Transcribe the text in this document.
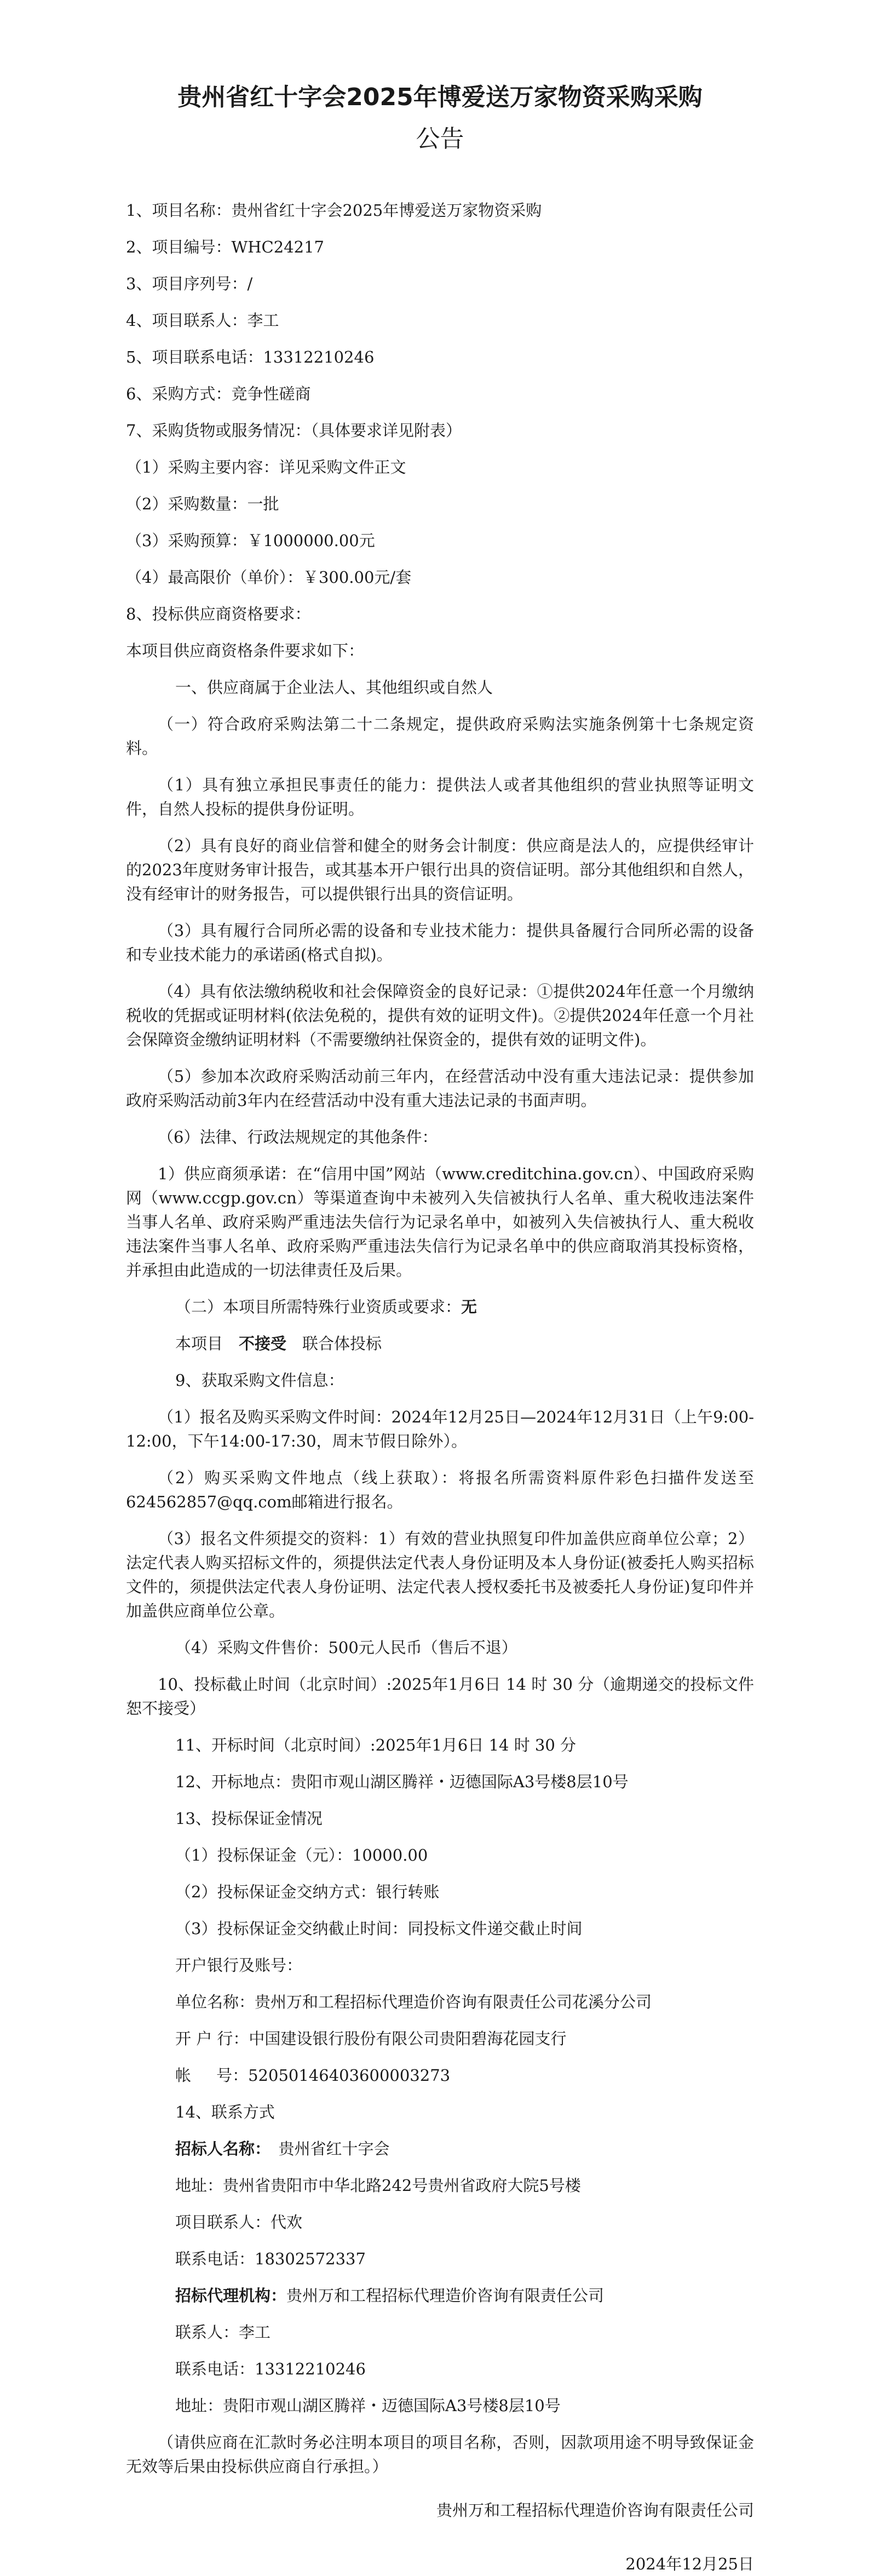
贵州省红十字会2025年博爱送万家物资采购采购
公告
1、项目名称：贵州省红十字会2025年博爱送万家物资采购
2、项目编号：WHC24217
3、项目序列号：/
4、项目联系人：李工
5、项目联系电话：13312210246
6、采购方式：竞争性磋商
7、采购货物或服务情况：（具体要求详见附表）
（1）采购主要内容：详见采购文件正文
（2）采购数量：一批
（3）采购预算：￥1000000.00元
（4）最高限价（单价）：￥300.00元/套
8、投标供应商资格要求：
本项目供应商资格条件要求如下：
一、供应商属于企业法人、其他组织或自然人
（一）符合政府采购法第二十二条规定，提供政府采购法实施条例第十七条规定资料。
（1）具有独立承担民事责任的能力：提供法人或者其他组织的营业执照等证明文件，自然人投标的提供身份证明。
（2）具有良好的商业信誉和健全的财务会计制度：供应商是法人的，应提供经审计的2023年度财务审计报告，或其基本开户银行出具的资信证明。部分其他组织和自然人，没有经审计的财务报告，可以提供银行出具的资信证明。
（3）具有履行合同所必需的设备和专业技术能力：提供具备履行合同所必需的设备和专业技术能力的承诺函(格式自拟)。
（4）具有依法缴纳税收和社会保障资金的良好记录：①提供2024年任意一个月缴纳税收的凭据或证明材料(依法免税的，提供有效的证明文件)。②提供2024年任意一个月社会保障资金缴纳证明材料（不需要缴纳社保资金的，提供有效的证明文件)。
（5）参加本次政府采购活动前三年内，在经营活动中没有重大违法记录：提供参加政府采购活动前3年内在经营活动中没有重大违法记录的书面声明。
（6）法律、行政法规规定的其他条件：
1）供应商须承诺：在“信用中国”网站（www.creditchina.gov.cn）、中国政府采购网（www.ccgp.gov.cn）等渠道查询中未被列入失信被执行人名单、重大税收违法案件当事人名单、政府采购严重违法失信行为记录名单中，如被列入失信被执行人、重大税收违法案件当事人名单、政府采购严重违法失信行为记录名单中的供应商取消其投标资格，并承担由此造成的一切法律责任及后果。
（二）本项目所需特殊行业资质或要求：无
本项目  不接受  联合体投标
9、获取采购文件信息：
（1）报名及购买采购文件时间：2024年12月25日—2024年12月31日（上午9:00-12:00，下午14:00-17:30，周末节假日除外）。
（2）购买采购文件地点（线上获取）：将报名所需资料原件彩色扫描件发送至624562857@qq.com邮箱进行报名。
（3）报名文件须提交的资料：1）有效的营业执照复印件加盖供应商单位公章；2）法定代表人购买招标文件的，须提供法定代表人身份证明及本人身份证(被委托人购买招标文件的，须提供法定代表人身份证明、法定代表人授权委托书及被委托人身份证)复印件并加盖供应商单位公章。
（4）采购文件售价：500元人民币（售后不退）
10、投标截止时间（北京时间）:2025年1月6日 14 时 30 分（逾期递交的投标文件恕不接受）
11、开标时间（北京时间）:2025年1月6日 14 时 30 分
12、开标地点：贵阳市观山湖区腾祥・迈德国际A3号楼8层10号
13、投标保证金情况
（1）投标保证金（元）：10000.00
（2）投标保证金交纳方式：银行转账
（3）投标保证金交纳截止时间：同投标文件递交截止时间
开户银行及账号：
单位名称：贵州万和工程招标代理造价咨询有限责任公司花溪分公司
开 户 行：中国建设银行股份有限公司贵阳碧海花园支行
帐     号：52050146403600003273
14、联系方式
招标人名称：  贵州省红十字会
地址：贵州省贵阳市中华北路242号贵州省政府大院5号楼
项目联系人：代欢
联系电话：18302572337
招标代理机构：贵州万和工程招标代理造价咨询有限责任公司
联系人：李工
联系电话：13312210246
地址：贵阳市观山湖区腾祥・迈德国际A3号楼8层10号
（请供应商在汇款时务必注明本项目的项目名称，否则，因款项用途不明导致保证金无效等后果由投标供应商自行承担。）
贵州万和工程招标代理造价咨询有限责任公司
2024年12月25日
